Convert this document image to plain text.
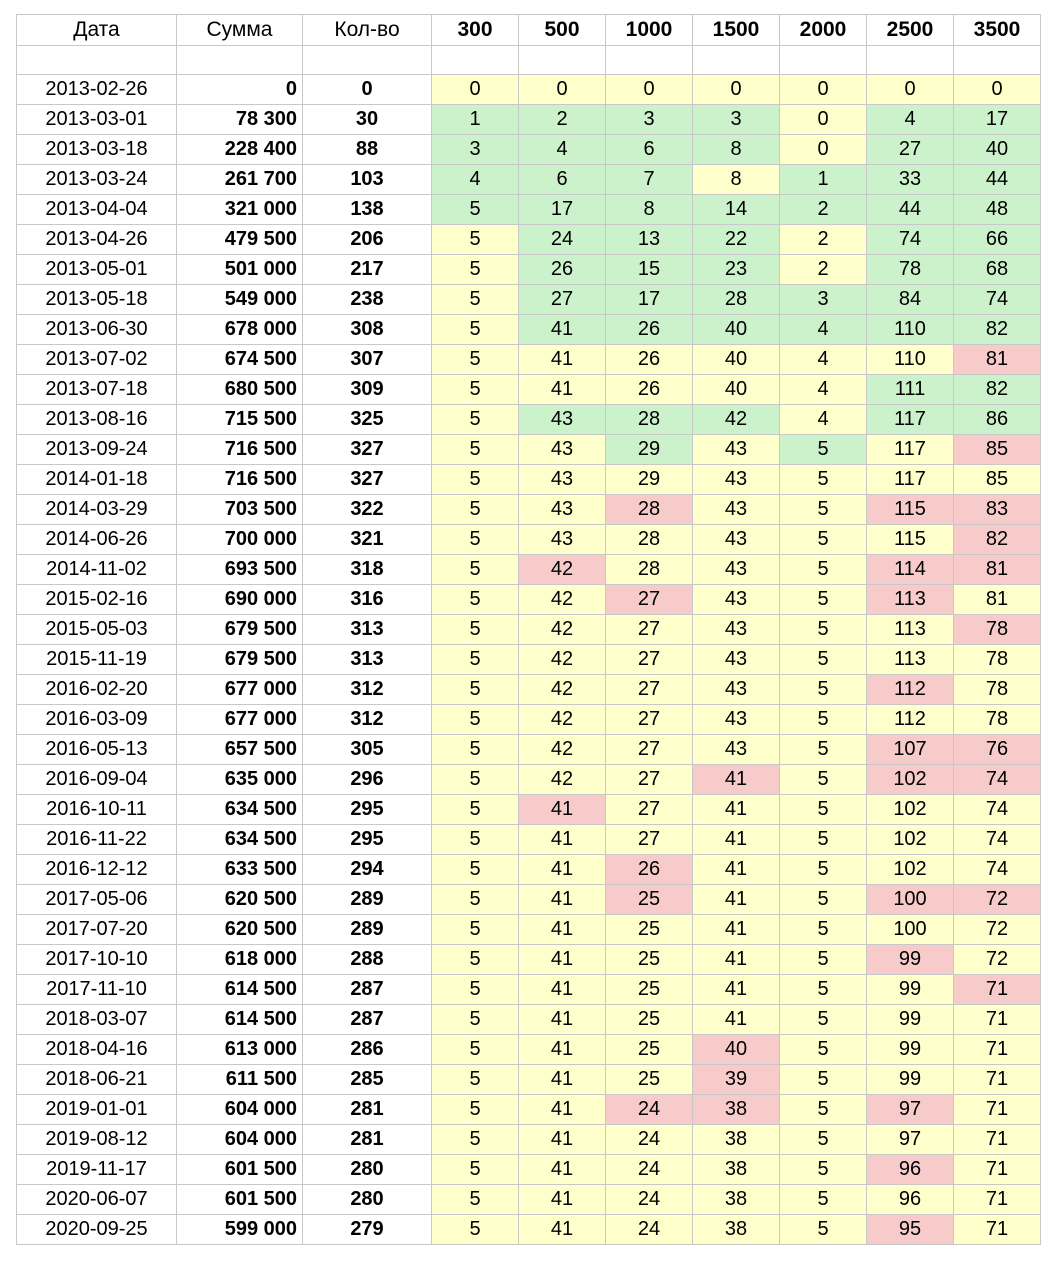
Дата	Сумма	Кол-во	300	500	1000	1500	2000	2500	3500

2013-02-26	0	0	0	0	0	0	0	0	0
2013-03-01	78 300	30	1	2	3	3	0	4	17
2013-03-18	228 400	88	3	4	6	8	0	27	40
2013-03-24	261 700	103	4	6	7	8	1	33	44
2013-04-04	321 000	138	5	17	8	14	2	44	48
2013-04-26	479 500	206	5	24	13	22	2	74	66
2013-05-01	501 000	217	5	26	15	23	2	78	68
2013-05-18	549 000	238	5	27	17	28	3	84	74
2013-06-30	678 000	308	5	41	26	40	4	110	82
2013-07-02	674 500	307	5	41	26	40	4	110	81
2013-07-18	680 500	309	5	41	26	40	4	111	82
2013-08-16	715 500	325	5	43	28	42	4	117	86
2013-09-24	716 500	327	5	43	29	43	5	117	85
2014-01-18	716 500	327	5	43	29	43	5	117	85
2014-03-29	703 500	322	5	43	28	43	5	115	83
2014-06-26	700 000	321	5	43	28	43	5	115	82
2014-11-02	693 500	318	5	42	28	43	5	114	81
2015-02-16	690 000	316	5	42	27	43	5	113	81
2015-05-03	679 500	313	5	42	27	43	5	113	78
2015-11-19	679 500	313	5	42	27	43	5	113	78
2016-02-20	677 000	312	5	42	27	43	5	112	78
2016-03-09	677 000	312	5	42	27	43	5	112	78
2016-05-13	657 500	305	5	42	27	43	5	107	76
2016-09-04	635 000	296	5	42	27	41	5	102	74
2016-10-11	634 500	295	5	41	27	41	5	102	74
2016-11-22	634 500	295	5	41	27	41	5	102	74
2016-12-12	633 500	294	5	41	26	41	5	102	74
2017-05-06	620 500	289	5	41	25	41	5	100	72
2017-07-20	620 500	289	5	41	25	41	5	100	72
2017-10-10	618 000	288	5	41	25	41	5	99	72
2017-11-10	614 500	287	5	41	25	41	5	99	71
2018-03-07	614 500	287	5	41	25	41	5	99	71
2018-04-16	613 000	286	5	41	25	40	5	99	71
2018-06-21	611 500	285	5	41	25	39	5	99	71
2019-01-01	604 000	281	5	41	24	38	5	97	71
2019-08-12	604 000	281	5	41	24	38	5	97	71
2019-11-17	601 500	280	5	41	24	38	5	96	71
2020-06-07	601 500	280	5	41	24	38	5	96	71
2020-09-25	599 000	279	5	41	24	38	5	95	71
